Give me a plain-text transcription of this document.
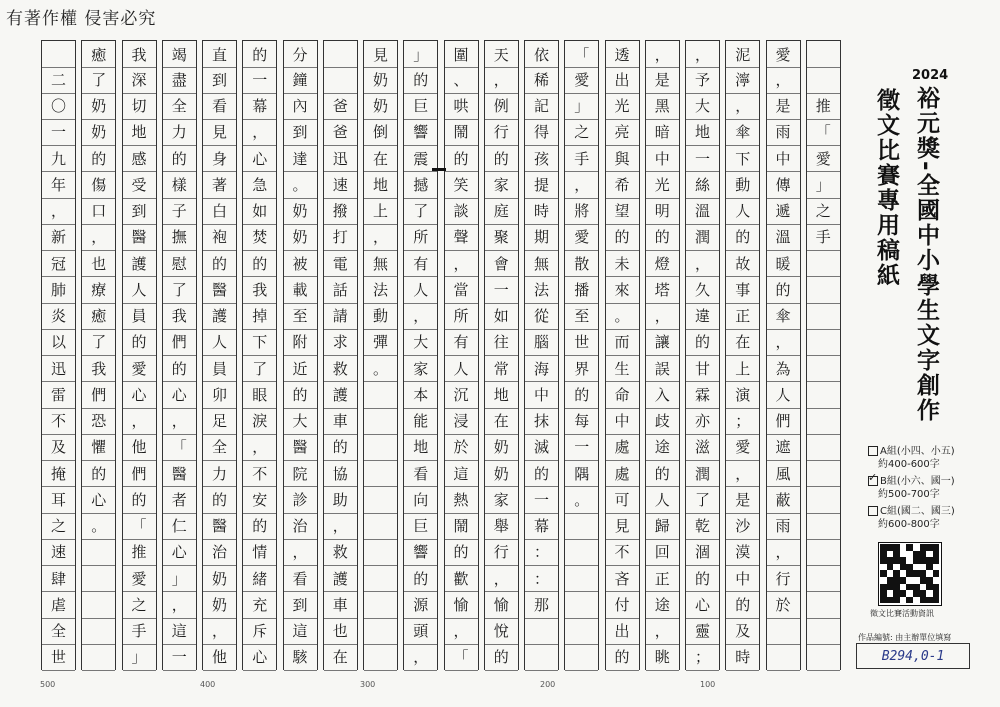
有著作權 侵害必究
推
「
愛
」
之
手
愛
，
是
雨
中
傳
遞
溫
暖
的
傘
，
為
人
們
遮
風
蔽
雨
，
行
於
泥
濘
，
傘
下
動
人
的
故
事
正
在
上
演
；
愛
，
是
沙
漠
中
的
及
時
，
予
大
地
一
絲
溫
潤
，
久
違
的
甘
霖
亦
滋
潤
了
乾
涸
的
心
靈
；
，
是
黑
暗
中
光
明
的
燈
塔
，
讓
誤
入
歧
途
的
人
歸
回
正
途
，
眺
透
出
光
亮
與
希
望
的
未
來
。
而
生
命
中
處
處
可
見
不
吝
付
出
的
「
愛
」
之
手
，
將
愛
散
播
至
世
界
的
每
一
隅
。
依
稀
記
得
孩
提
時
期
無
法
從
腦
海
中
抹
滅
的
一
幕
：
：
那
天
，
例
行
的
家
庭
聚
會
一
如
往
常
地
在
奶
奶
家
舉
行
，
愉
悅
的
圍
、
哄
鬧
的
笑
談
聲
，
當
所
有
人
沉
浸
於
這
熱
鬧
的
歡
愉
，
「
」
的
巨
響
震
撼
了
所
有
人
，
大
家
本
能
地
看
向
巨
響
的
源
頭
，
見
奶
奶
倒
在
地
上
，
無
法
動
彈
。
爸
爸
迅
速
撥
打
電
話
請
求
救
護
車
的
協
助
，
救
護
車
也
在
分
鐘
內
到
達
。
奶
奶
被
載
至
附
近
的
大
醫
院
診
治
，
看
到
這
駭
的
一
幕
，
心
急
如
焚
的
我
掉
下
了
眼
淚
，
不
安
的
情
緒
充
斥
心
直
到
看
見
身
著
白
袍
的
醫
護
人
員
卯
足
全
力
的
醫
治
奶
奶
，
他
竭
盡
全
力
的
樣
子
撫
慰
了
我
們
的
心
，
「
醫
者
仁
心
」
，
這
一
我
深
切
地
感
受
到
醫
護
人
員
的
愛
心
，
他
們
的
「
推
愛
之
手
」
癒
了
奶
奶
的
傷
口
，
也
療
癒
了
我
們
恐
懼
的
心
。
二
〇
一
九
年
，
新
冠
肺
炎
以
迅
雷
不
及
掩
耳
之
速
肆
虐
全
世
500	400	300	200	100
2024
裕元獎-全國中小學生文字創作
徵文比賽專用稿紙
A組(小四、小五)
約400-600字
✓B組(小六、國一)
約500-700字
C組(國二、國三)
約600-800字
徵文比賽活動資訊
作品編號: 由主辦單位填寫
B294,0-1
